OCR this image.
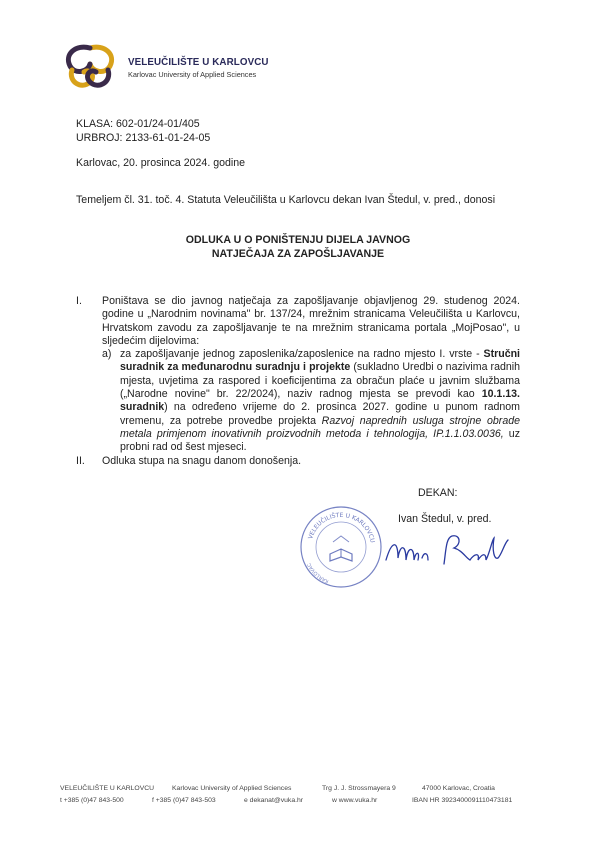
VELEUČILIŠTE U KARLOVCU
Karlovac University of Applied Sciences
KLASA: 602-01/24-01/405
URBROJ: 2133-61-01-24-05
Karlovac, 20. prosinca 2024. godine
Temeljem čl. 31. toč. 4. Statuta Veleučilišta u Karlovcu dekan Ivan Štedul, v. pred., donosi
ODLUKA U O PONIŠTENJU DIJELA JAVNOG
NATJEČAJA ZA ZAPOŠLJAVANJE
I.	Poništava se dio javnog natječaja za zapošljavanje objavljenog 29. studenog 2024. godine u „Narodnim novinama" br. 137/24, mrežnim stranicama Veleučilišta u Karlovcu, Hrvatskom zavodu za zapošljavanje te na mrežnim stranicama portala „MojPosao", u sljedećim dijelovima:
a) za zapošljavanje jednog zaposlenika/zaposlenice na radno mjesto I. vrste - Stručni suradnik za međunarodnu suradnju i projekte (sukladno Uredbi o nazivima radnih mjesta, uvjetima za raspored i koeficijentima za obračun plaće u javnim službama („Narodne novine" br. 22/2024), naziv radnog mjesta se prevodi kao 10.1.13. suradnik) na određeno vrijeme do 2. prosinca 2027. godine u punom radnom vremenu, za potrebe provedbe projekta Razvoj naprednih usluga strojne obrade metala primjenom inovativnih proizvodnih metoda i tehnologija, IP.1.1.03.0036, uz probni rad od šest mjeseci.
II.	Odluka stupa na snagu danom donošenja.
DEKAN:
Ivan Štedul, v. pred.
VELEUČILIŠTE U KARLOVCU
KARLOVAC
VELEUČILIŠTE U KARLOVCU	Karlovac University of Applied Sciences	Trg J. J. Strossmayera 9	47000 Karlovac, Croatia
t +385 (0)47 843-500	f +385 (0)47 843-503	e dekanat@vuka.hr	w www.vuka.hr	IBAN HR 3923400091110473181
